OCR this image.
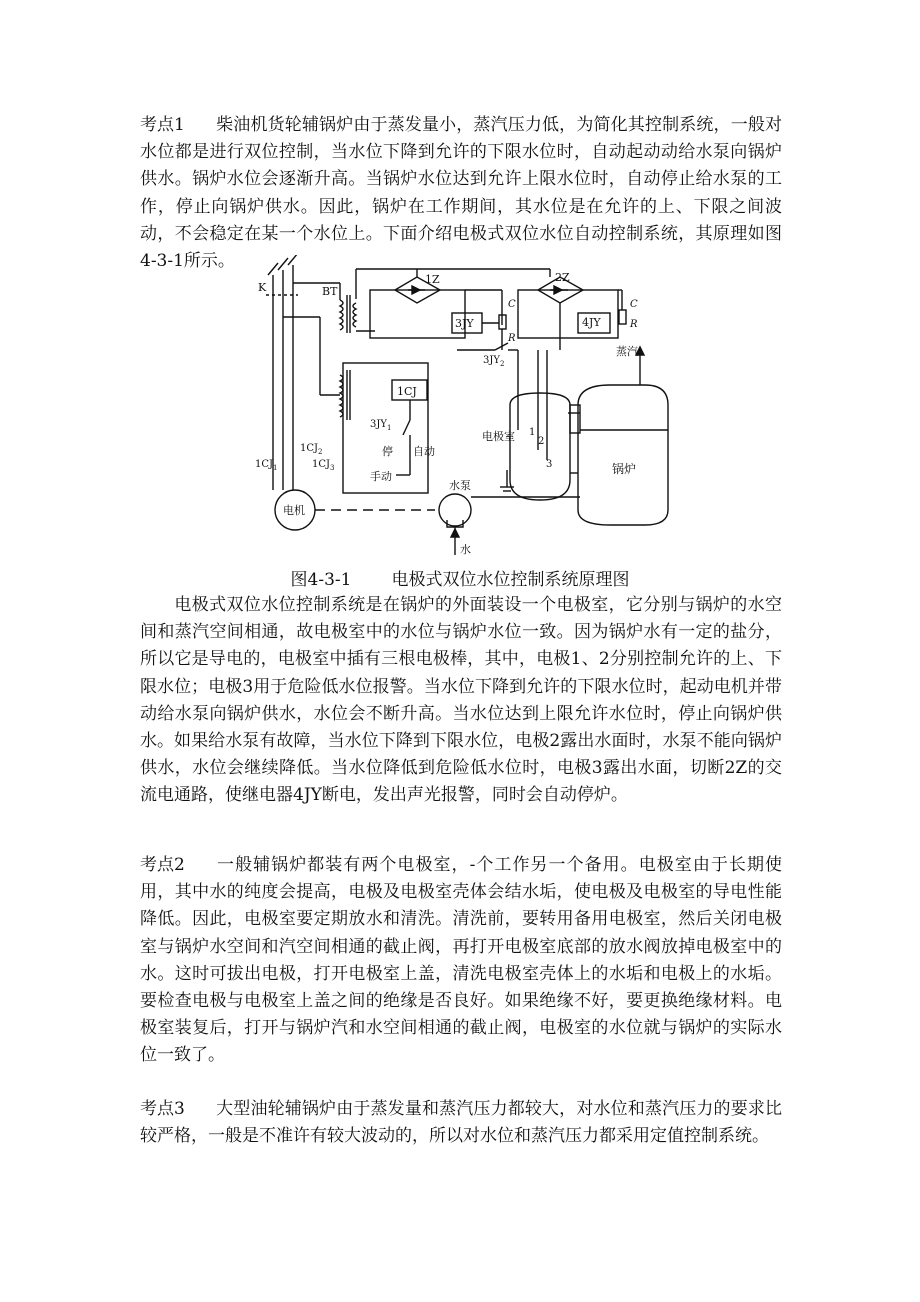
考点1 柴油机货轮辅锅炉由于蒸发量小，蒸汽压力低，为简化其控制系统，一般对水位都是进行双位控制，当水位下降到允许的下限水位时，自动起动动给水泵向锅炉供水。锅炉水位会逐渐升高。当锅炉水位达到允许上限水位时，自动停止给水泵的工作，停止向锅炉供水。因此，锅炉在工作期间，其水位是在允许的上、下限之间波动，不会稳定在某一个水位上。下面介绍电极式双位水位自动控制系统，其原理如图4-3-1所示。
K	BT
1Z	2Z
3JY	4JY
C
R
C
R
$3JY_2$
蒸汽
1CJ
$3JY_1$
停 自动
手动
电极室 1
2
3	锅炉
水泵
电机
水
$1CJ_1$
$1CJ_2$
$1CJ_3$
图4-3-1 电极式双位水位控制系统原理图
电极式双位水位控制系统是在锅炉的外面装设一个电极室，它分别与锅炉的水空间和蒸汽空间相通，故电极室中的水位与锅炉水位一致。因为锅炉水有一定的盐分，所以它是导电的，电极室中插有三根电极棒，其中，电极1、2分别控制允许的上、下限水位；电极3用于危险低水位报警。当水位下降到允许的下限水位时，起动电机并带动给水泵向锅炉供水，水位会不断升高。当水位达到上限允许水位时，停止向锅炉供水。 如果给水泵有故障，当水位下降到下限水位，电极2露出水面时，水泵不能向锅炉供水，水位会继续降低。当水位降低到危险低水位时，电极3露出水面，切断2Z的交流电通路，使继电器4JY断电，发出声光报警，同时会自动停炉。
考点2 一般辅锅炉都装有两个电极室，-个工作另一个备用。电极室由于长期使用，其中水的纯度会提高，电极及电极室壳体会结水垢，使电极及电极室的导电性能降低。因此，电极室要定期放水和清洗。清洗前，要转用备用电极室，然后关闭电极室与锅炉水空间和汽空间相通的截止阀，再打开电极室底部的放水阀放掉电极室中的水。这时可拔出电极，打开电极室上盖，清洗电极室壳体上的水垢和电极上的水垢。要检查电极与电极室上盖之间的绝缘是否良好。如果绝缘不好，要更换绝缘材料。电极室装复后，打开与锅炉汽和水空间相通的截止阀，电极室的水位就与锅炉的实际水位一致了。
考点3 大型油轮辅锅炉由于蒸发量和蒸汽压力都较大，对水位和蒸汽压力的要求比较严格，一般是不准许有较大波动的，所以对水位和蒸汽压力都采用定值控制系统。
